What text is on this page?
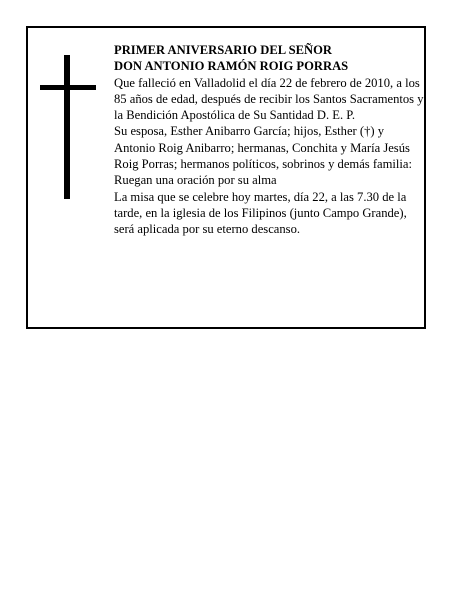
PRIMER ANIVERSARIO DEL SEÑOR

DON ANTONIO RAMÓN ROIG PORRAS

Que falleció en Valladolid el día 22 de febrero de 2010, a los 85 años de edad, después de recibir los Santos Sacramentos y la Bendición Apostólica de Su Santidad D. E. P.

Su esposa, Esther Anibarro García; hijos, Esther (†) y Antonio Roig Anibarro; hermanas, Conchita y María Jesús Roig Porras; hermanos políticos, sobrinos y demás familia:

Ruegan una oración por su alma

La misa que se celebre hoy martes, día 22, a las 7.30 de la tarde, en la iglesia de los Filipinos (junto Campo Grande), será aplicada por su eterno descanso.
